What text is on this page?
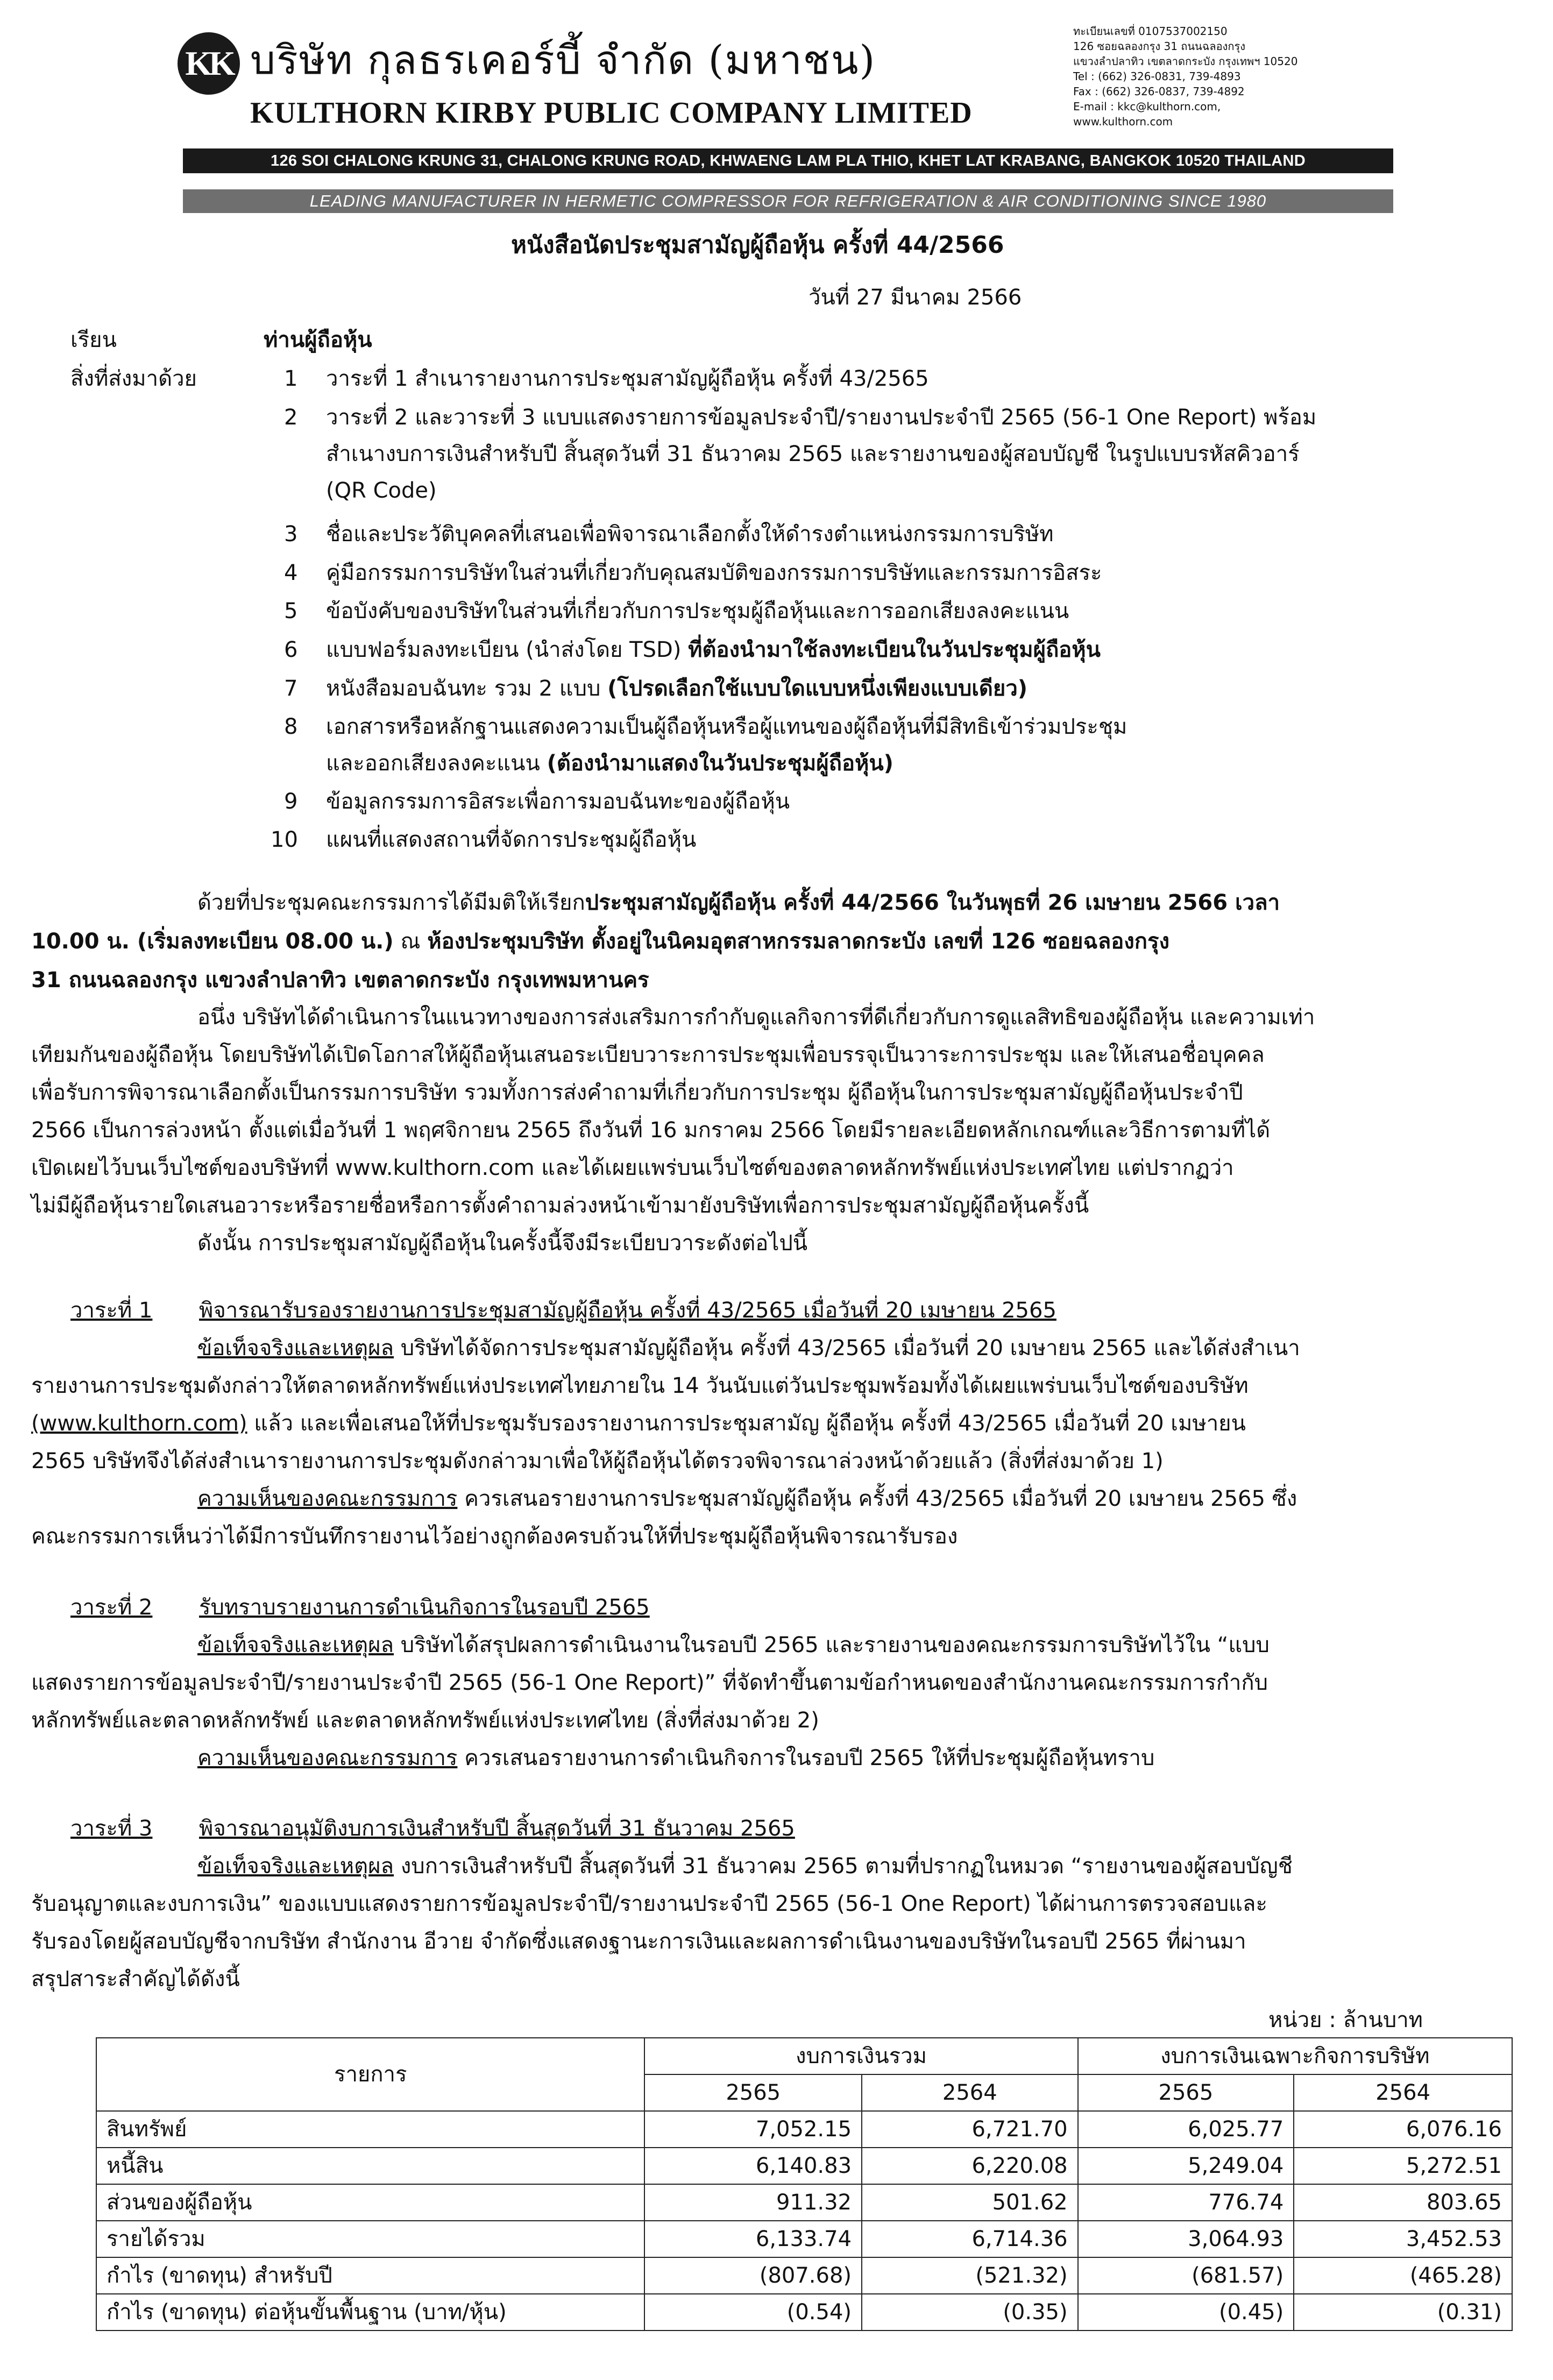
KK บริษัท กุลธรเคอร์บี้ จำกัด (มหาชน)
KULTHORN KIRBY PUBLIC COMPANY LIMITED
ทะเบียนเลขที่ 0107537002150
126 ซอยฉลองกรุง 31 ถนนฉลองกรุง
แขวงลำปลาทิว เขตลาดกระบัง กรุงเทพฯ 10520
Tel : (662) 326-0831, 739-4893
Fax : (662) 326-0837, 739-4892
E-mail : kkc@kulthorn.com,
www.kulthorn.com
126 SOI CHALONG KRUNG 31, CHALONG KRUNG ROAD, KHWAENG LAM PLA THIO, KHET LAT KRABANG, BANGKOK 10520 THAILAND
LEADING MANUFACTURER IN HERMETIC COMPRESSOR FOR REFRIGERATION & AIR CONDITIONING SINCE 1980
หนังสือนัดประชุมสามัญผู้ถือหุ้น ครั้งที่ 44/2566
วันที่ 27 มีนาคม 2566
เรียน	ท่านผู้ถือหุ้น
สิ่งที่ส่งมาด้วย	1 วาระที่ 1 สำเนารายงานการประชุมสามัญผู้ถือหุ้น ครั้งที่ 43/2565
2 วาระที่ 2 และวาระที่ 3 แบบแสดงรายการข้อมูลประจำปี/รายงานประจำปี 2565 (56-1 One Report) พร้อม
สำเนางบการเงินสำหรับปี สิ้นสุดวันที่ 31 ธันวาคม 2565 และรายงานของผู้สอบบัญชี ในรูปแบบรหัสคิวอาร์
(QR Code)
3 ชื่อและประวัติบุคคลที่เสนอเพื่อพิจารณาเลือกตั้งให้ดำรงตำแหน่งกรรมการบริษัท
4 คู่มือกรรมการบริษัทในส่วนที่เกี่ยวกับคุณสมบัติของกรรมการบริษัทและกรรมการอิสระ
5 ข้อบังคับของบริษัทในส่วนที่เกี่ยวกับการประชุมผู้ถือหุ้นและการออกเสียงลงคะแนน
6 แบบฟอร์มลงทะเบียน (นำส่งโดย TSD) ที่ต้องนำมาใช้ลงทะเบียนในวันประชุมผู้ถือหุ้น
7 หนังสือมอบฉันทะ รวม 2 แบบ (โปรดเลือกใช้แบบใดแบบหนึ่งเพียงแบบเดียว)
8 เอกสารหรือหลักฐานแสดงความเป็นผู้ถือหุ้นหรือผู้แทนของผู้ถือหุ้นที่มีสิทธิเข้าร่วมประชุม
และออกเสียงลงคะแนน (ต้องนำมาแสดงในวันประชุมผู้ถือหุ้น)
9 ข้อมูลกรรมการอิสระเพื่อการมอบฉันทะของผู้ถือหุ้น
10 แผนที่แสดงสถานที่จัดการประชุมผู้ถือหุ้น
ด้วยที่ประชุมคณะกรรมการได้มีมติให้เรียกประชุมสามัญผู้ถือหุ้น ครั้งที่ 44/2566 ในวันพุธที่ 26 เมษายน 2566 เวลา
10.00 น. (เริ่มลงทะเบียน 08.00 น.) ณ ห้องประชุมบริษัท ตั้งอยู่ในนิคมอุตสาหกรรมลาดกระบัง เลขที่ 126 ซอยฉลองกรุง
31 ถนนฉลองกรุง แขวงลำปลาทิว เขตลาดกระบัง กรุงเทพมหานคร
อนึ่ง บริษัทได้ดำเนินการในแนวทางของการส่งเสริมการกำกับดูแลกิจการที่ดีเกี่ยวกับการดูแลสิทธิของผู้ถือหุ้น และความเท่า
เทียมกันของผู้ถือหุ้น โดยบริษัทได้เปิดโอกาสให้ผู้ถือหุ้นเสนอระเบียบวาระการประชุมเพื่อบรรจุเป็นวาระการประชุม และให้เสนอชื่อบุคคล
เพื่อรับการพิจารณาเลือกตั้งเป็นกรรมการบริษัท รวมทั้งการส่งคำถามที่เกี่ยวกับการประชุม ผู้ถือหุ้นในการประชุมสามัญผู้ถือหุ้นประจำปี
2566 เป็นการล่วงหน้า ตั้งแต่เมื่อวันที่ 1 พฤศจิกายน 2565 ถึงวันที่ 16 มกราคม 2566 โดยมีรายละเอียดหลักเกณฑ์และวิธีการตามที่ได้
เปิดเผยไว้บนเว็บไซต์ของบริษัทที่ www.kulthorn.com และได้เผยแพร่บนเว็บไซต์ของตลาดหลักทรัพย์แห่งประเทศไทย แต่ปรากฏว่า
ไม่มีผู้ถือหุ้นรายใดเสนอวาระหรือรายชื่อหรือการตั้งคำถามล่วงหน้าเข้ามายังบริษัทเพื่อการประชุมสามัญผู้ถือหุ้นครั้งนี้
ดังนั้น การประชุมสามัญผู้ถือหุ้นในครั้งนี้จึงมีระเบียบวาระดังต่อไปนี้
วาระที่ 1 พิจารณารับรองรายงานการประชุมสามัญผู้ถือหุ้น ครั้งที่ 43/2565 เมื่อวันที่ 20 เมษายน 2565
ข้อเท็จจริงและเหตุผล บริษัทได้จัดการประชุมสามัญผู้ถือหุ้น ครั้งที่ 43/2565 เมื่อวันที่ 20 เมษายน 2565 และได้ส่งสำเนา
รายงานการประชุมดังกล่าวให้ตลาดหลักทรัพย์แห่งประเทศไทยภายใน 14 วันนับแต่วันประชุมพร้อมทั้งได้เผยแพร่บนเว็บไซต์ของบริษัท
(www.kulthorn.com) แล้ว และเพื่อเสนอให้ที่ประชุมรับรองรายงานการประชุมสามัญ ผู้ถือหุ้น ครั้งที่ 43/2565 เมื่อวันที่ 20 เมษายน
2565 บริษัทจึงได้ส่งสำเนารายงานการประชุมดังกล่าวมาเพื่อให้ผู้ถือหุ้นได้ตรวจพิจารณาล่วงหน้าด้วยแล้ว (สิ่งที่ส่งมาด้วย 1)
ความเห็นของคณะกรรมการ ควรเสนอรายงานการประชุมสามัญผู้ถือหุ้น ครั้งที่ 43/2565 เมื่อวันที่ 20 เมษายน 2565 ซึ่ง
คณะกรรมการเห็นว่าได้มีการบันทึกรายงานไว้อย่างถูกต้องครบถ้วนให้ที่ประชุมผู้ถือหุ้นพิจารณารับรอง
วาระที่ 2 รับทราบรายงานการดำเนินกิจการในรอบปี 2565
ข้อเท็จจริงและเหตุผล บริษัทได้สรุปผลการดำเนินงานในรอบปี 2565 และรายงานของคณะกรรมการบริษัทไว้ใน “แบบ
แสดงรายการข้อมูลประจำปี/รายงานประจำปี 2565 (56-1 One Report)” ที่จัดทำขึ้นตามข้อกำหนดของสำนักงานคณะกรรมการกำกับ
หลักทรัพย์และตลาดหลักทรัพย์ และตลาดหลักทรัพย์แห่งประเทศไทย (สิ่งที่ส่งมาด้วย 2)
ความเห็นของคณะกรรมการ ควรเสนอรายงานการดำเนินกิจการในรอบปี 2565 ให้ที่ประชุมผู้ถือหุ้นทราบ
วาระที่ 3 พิจารณาอนุมัติงบการเงินสำหรับปี สิ้นสุดวันที่ 31 ธันวาคม 2565
ข้อเท็จจริงและเหตุผล งบการเงินสำหรับปี สิ้นสุดวันที่ 31 ธันวาคม 2565 ตามที่ปรากฏในหมวด “รายงานของผู้สอบบัญชี
รับอนุญาตและงบการเงิน” ของแบบแสดงรายการข้อมูลประจำปี/รายงานประจำปี 2565 (56-1 One Report) ได้ผ่านการตรวจสอบและ
รับรองโดยผู้สอบบัญชีจากบริษัท สำนักงาน อีวาย จำกัดซึ่งแสดงฐานะการเงินและผลการดำเนินงานของบริษัทในรอบปี 2565 ที่ผ่านมา
สรุปสาระสำคัญได้ดังนี้
หน่วย : ล้านบาท
รายการ	งบการเงินรวม		งบการเงินเฉพาะกิจการบริษัท	
	2565	2564	2565	2564
สินทรัพย์	7,052.15	6,721.70	6,025.77	6,076.16
หนี้สิน	6,140.83	6,220.08	5,249.04	5,272.51
ส่วนของผู้ถือหุ้น	911.32	501.62	776.74	803.65
รายได้รวม	6,133.74	6,714.36	3,064.93	3,452.53
กำไร (ขาดทุน) สำหรับปี	(807.68)	(521.32)	(681.57)	(465.28)
กำไร (ขาดทุน) ต่อหุ้นขั้นพื้นฐาน (บาท/หุ้น)	(0.54)	(0.35)	(0.45)	(0.31)
